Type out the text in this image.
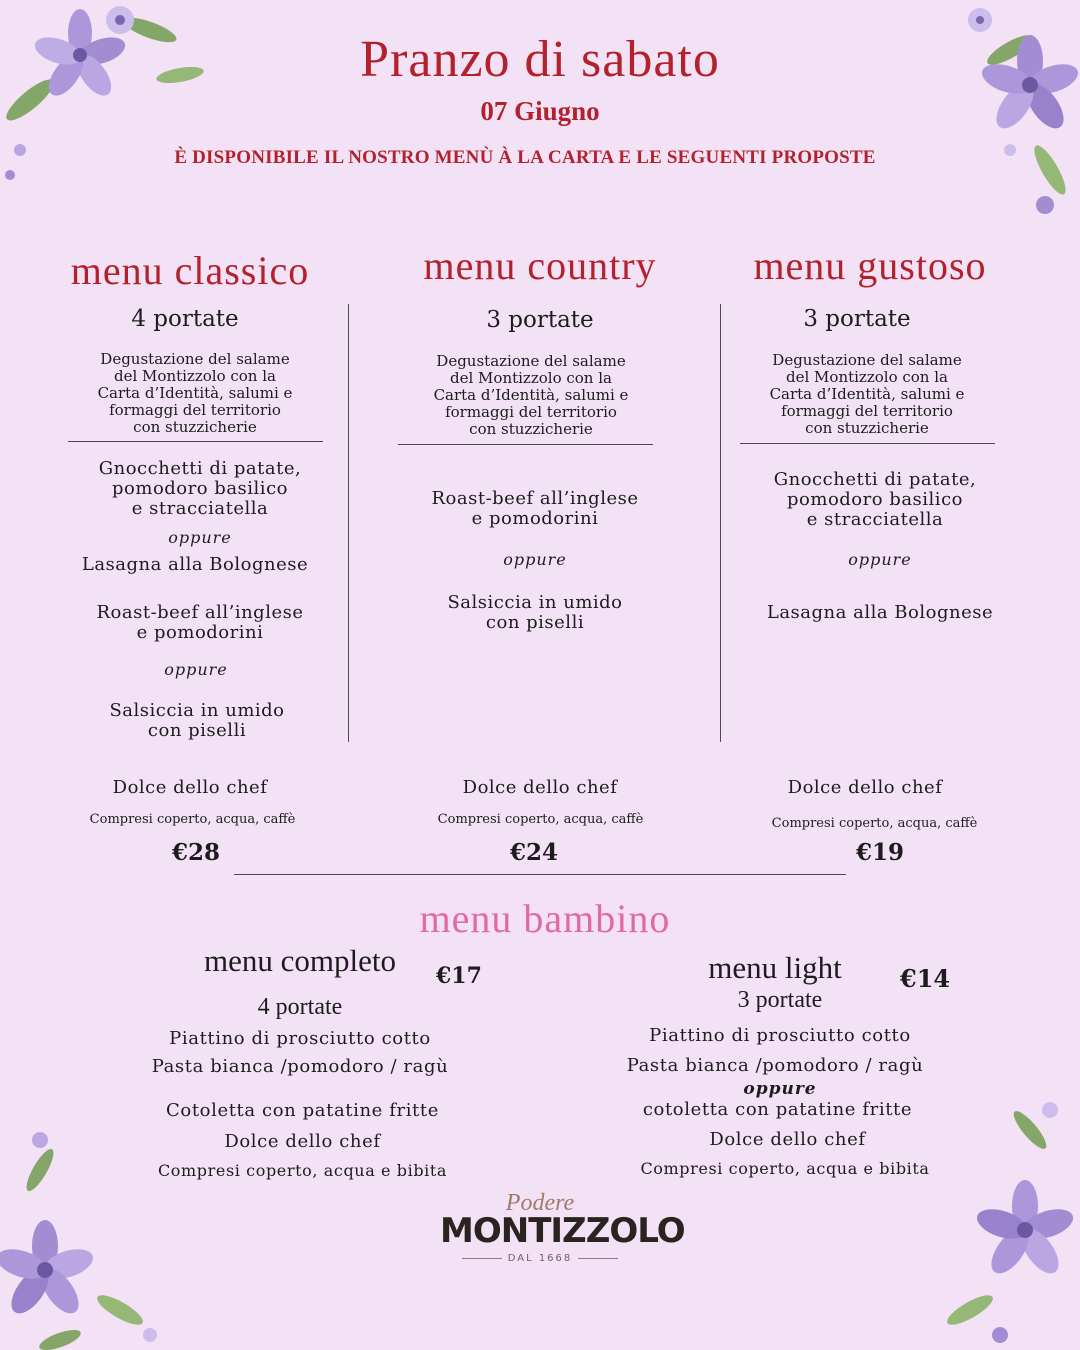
Pranzo di sabato
07 Giugno
È DISPONIBILE IL NOSTRO MENÙ À LA CARTA E LE SEGUENTI PROPOSTE
menu classico
4 portate
Degustazione del salame
del Montizzolo con la
Carta d’Identità, salumi e
formaggi del territorio
con stuzzicherie
Gnocchetti di patate,
pomodoro basilico
e stracciatella
oppure
Lasagna alla Bolognese
Roast-beef all’inglese
e pomodorini
oppure
Salsiccia in umido
con piselli
Dolce dello chef
Compresi coperto, acqua, caffè
€28
menu country
3 portate
Degustazione del salame
del Montizzolo con la
Carta d’Identità, salumi e
formaggi del territorio
con stuzzicherie
Roast-beef all’inglese
e pomodorini
oppure
Salsiccia in umido
con piselli
Dolce dello chef
Compresi coperto, acqua, caffè
€24
menu gustoso
3 portate
Degustazione del salame
del Montizzolo con la
Carta d’Identità, salumi e
formaggi del territorio
con stuzzicherie
Gnocchetti di patate,
pomodoro basilico
e stracciatella
oppure
Lasagna alla Bolognese
Dolce dello chef
Compresi coperto, acqua, caffè
€19
menu bambino
menu completo	€17
4 portate
Piattino di prosciutto cotto
Pasta bianca /pomodoro / ragù
Cotoletta con patatine fritte
Dolce dello chef
Compresi coperto, acqua e bibita
menu light	€14
3 portate
Piattino di prosciutto cotto
Pasta bianca /pomodoro / ragù
oppure
cotoletta con patatine fritte
Dolce dello chef
Compresi coperto, acqua e bibita
Podere
MONTIZZOLO
DAL 1668
